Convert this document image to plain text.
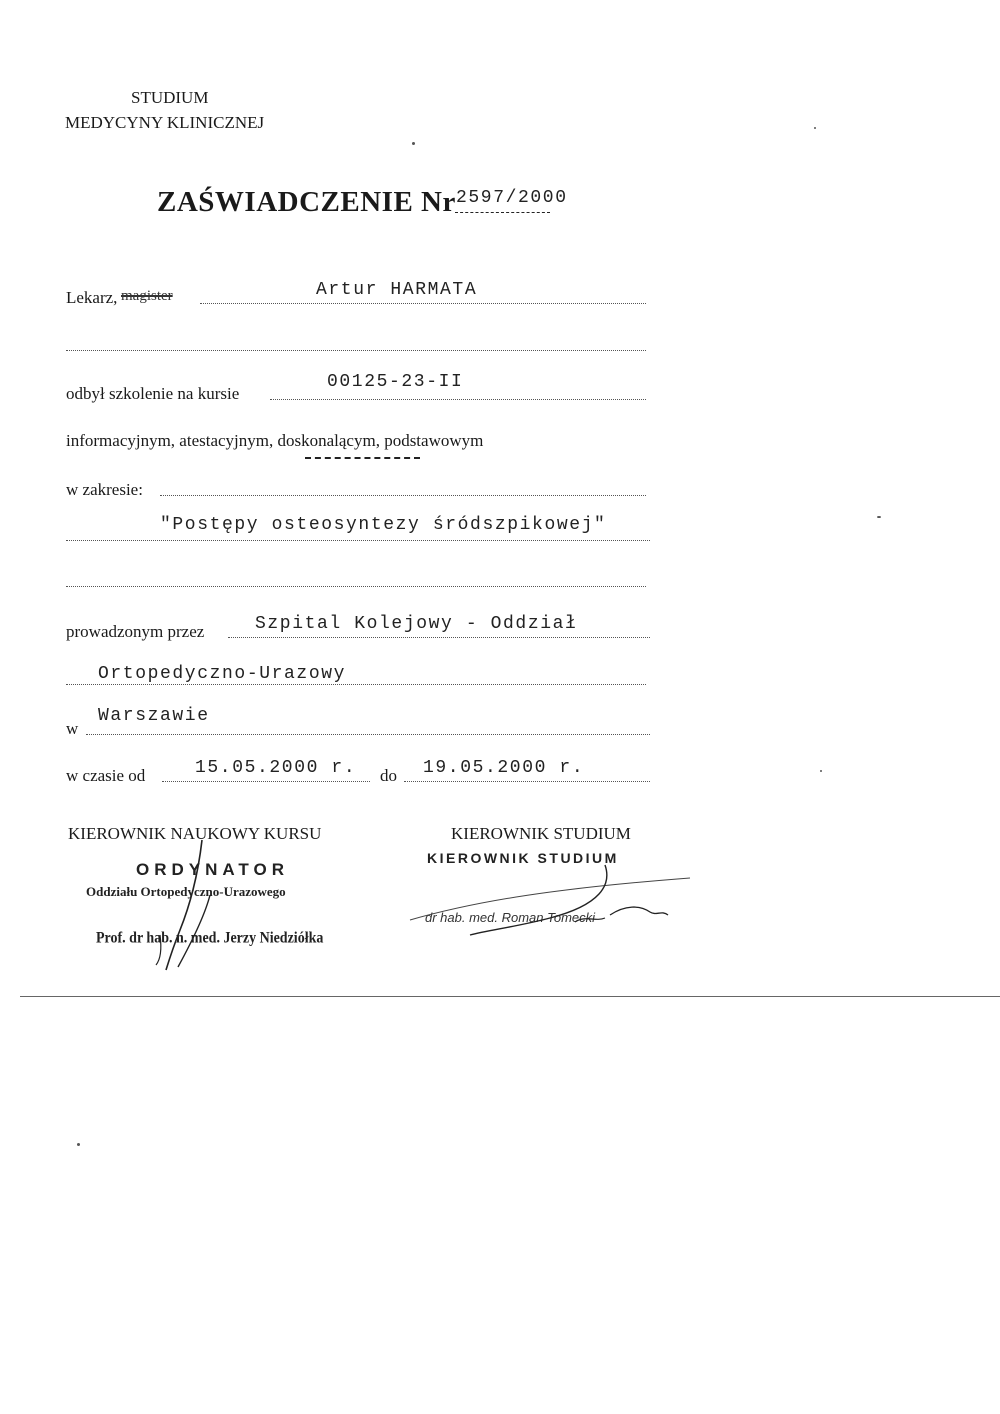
STUDIUM
MEDYCYNY KLINICZNEJ
ZAŚWIADCZENIE Nr 2597/2000
Lekarz, magister	Artur HARMATA
odbył szkolenie na kursie
00125-23-II
informacyjnym, atestacyjnym, doskonalącym, podstawowym
w zakresie:
"Postępy osteosyntezy śródszpikowej"
prowadzonym przez	Szpital Kolejowy - Oddział
Ortopedyczno-Urazowy
w
Warszawie
w czasie od	15.05.2000 r. do 19.05.2000 r.
KIEROWNIK NAUKOWY KURSU
ORDYNATOR
Oddziału Ortopedyczno-Urazowego
Prof. dr hab. n. med. Jerzy Niedziółka
KIEROWNIK STUDIUM
KIEROWNIK STUDIUM
dr hab. med. Roman Tomecki
